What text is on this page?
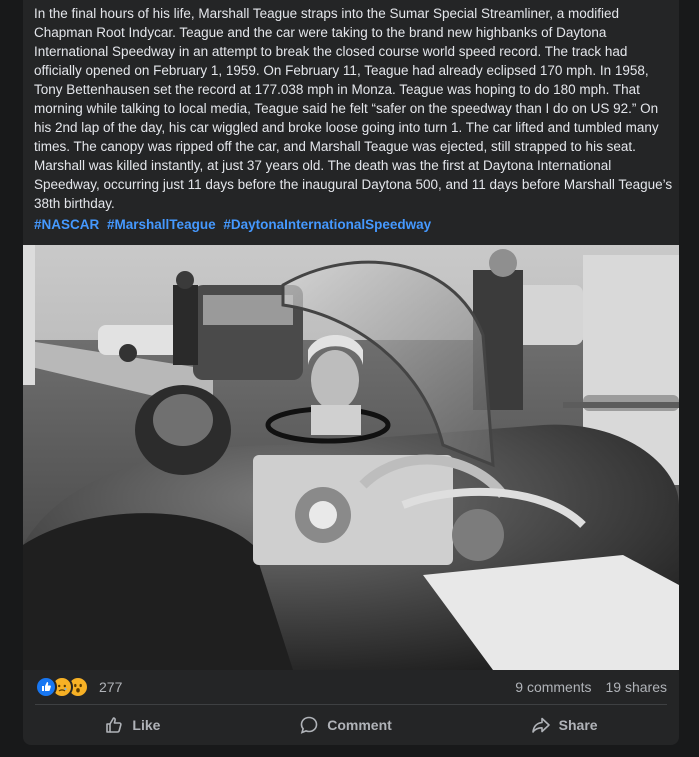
In the final hours of his life, Marshall Teague straps into the Sumar Special Streamliner, a modified Chapman Root Indycar. Teague and the car were taking to the brand new highbanks of Daytona International Speedway in an attempt to break the closed course world speed record. The track had officially opened on February 1, 1959. On February 11, Teague had already eclipsed 170 mph. In 1958, Tony Bettenhausen set the record at 177.038 mph in Monza. Teague was hoping to do 180 mph. That morning while talking to local media, Teague said he felt “safer on the speedway than I do on US 92.” On his 2nd lap of the day, his car wiggled and broke loose going into turn 1. The car lifted and tumbled many times. The canopy was ripped off the car, and Marshall Teague was ejected, still strapped to his seat. Marshall was killed instantly, at just 37 years old. The death was the first at Daytona International Speedway, occurring just 11 days before the inaugural Daytona 500, and 11 days before Marshall Teague’s 38th birthday.

#NASCAR #MarshallTeague #DaytonaInternationalSpeedway
277	9 comments 19 shares
Like	Comment	Share
